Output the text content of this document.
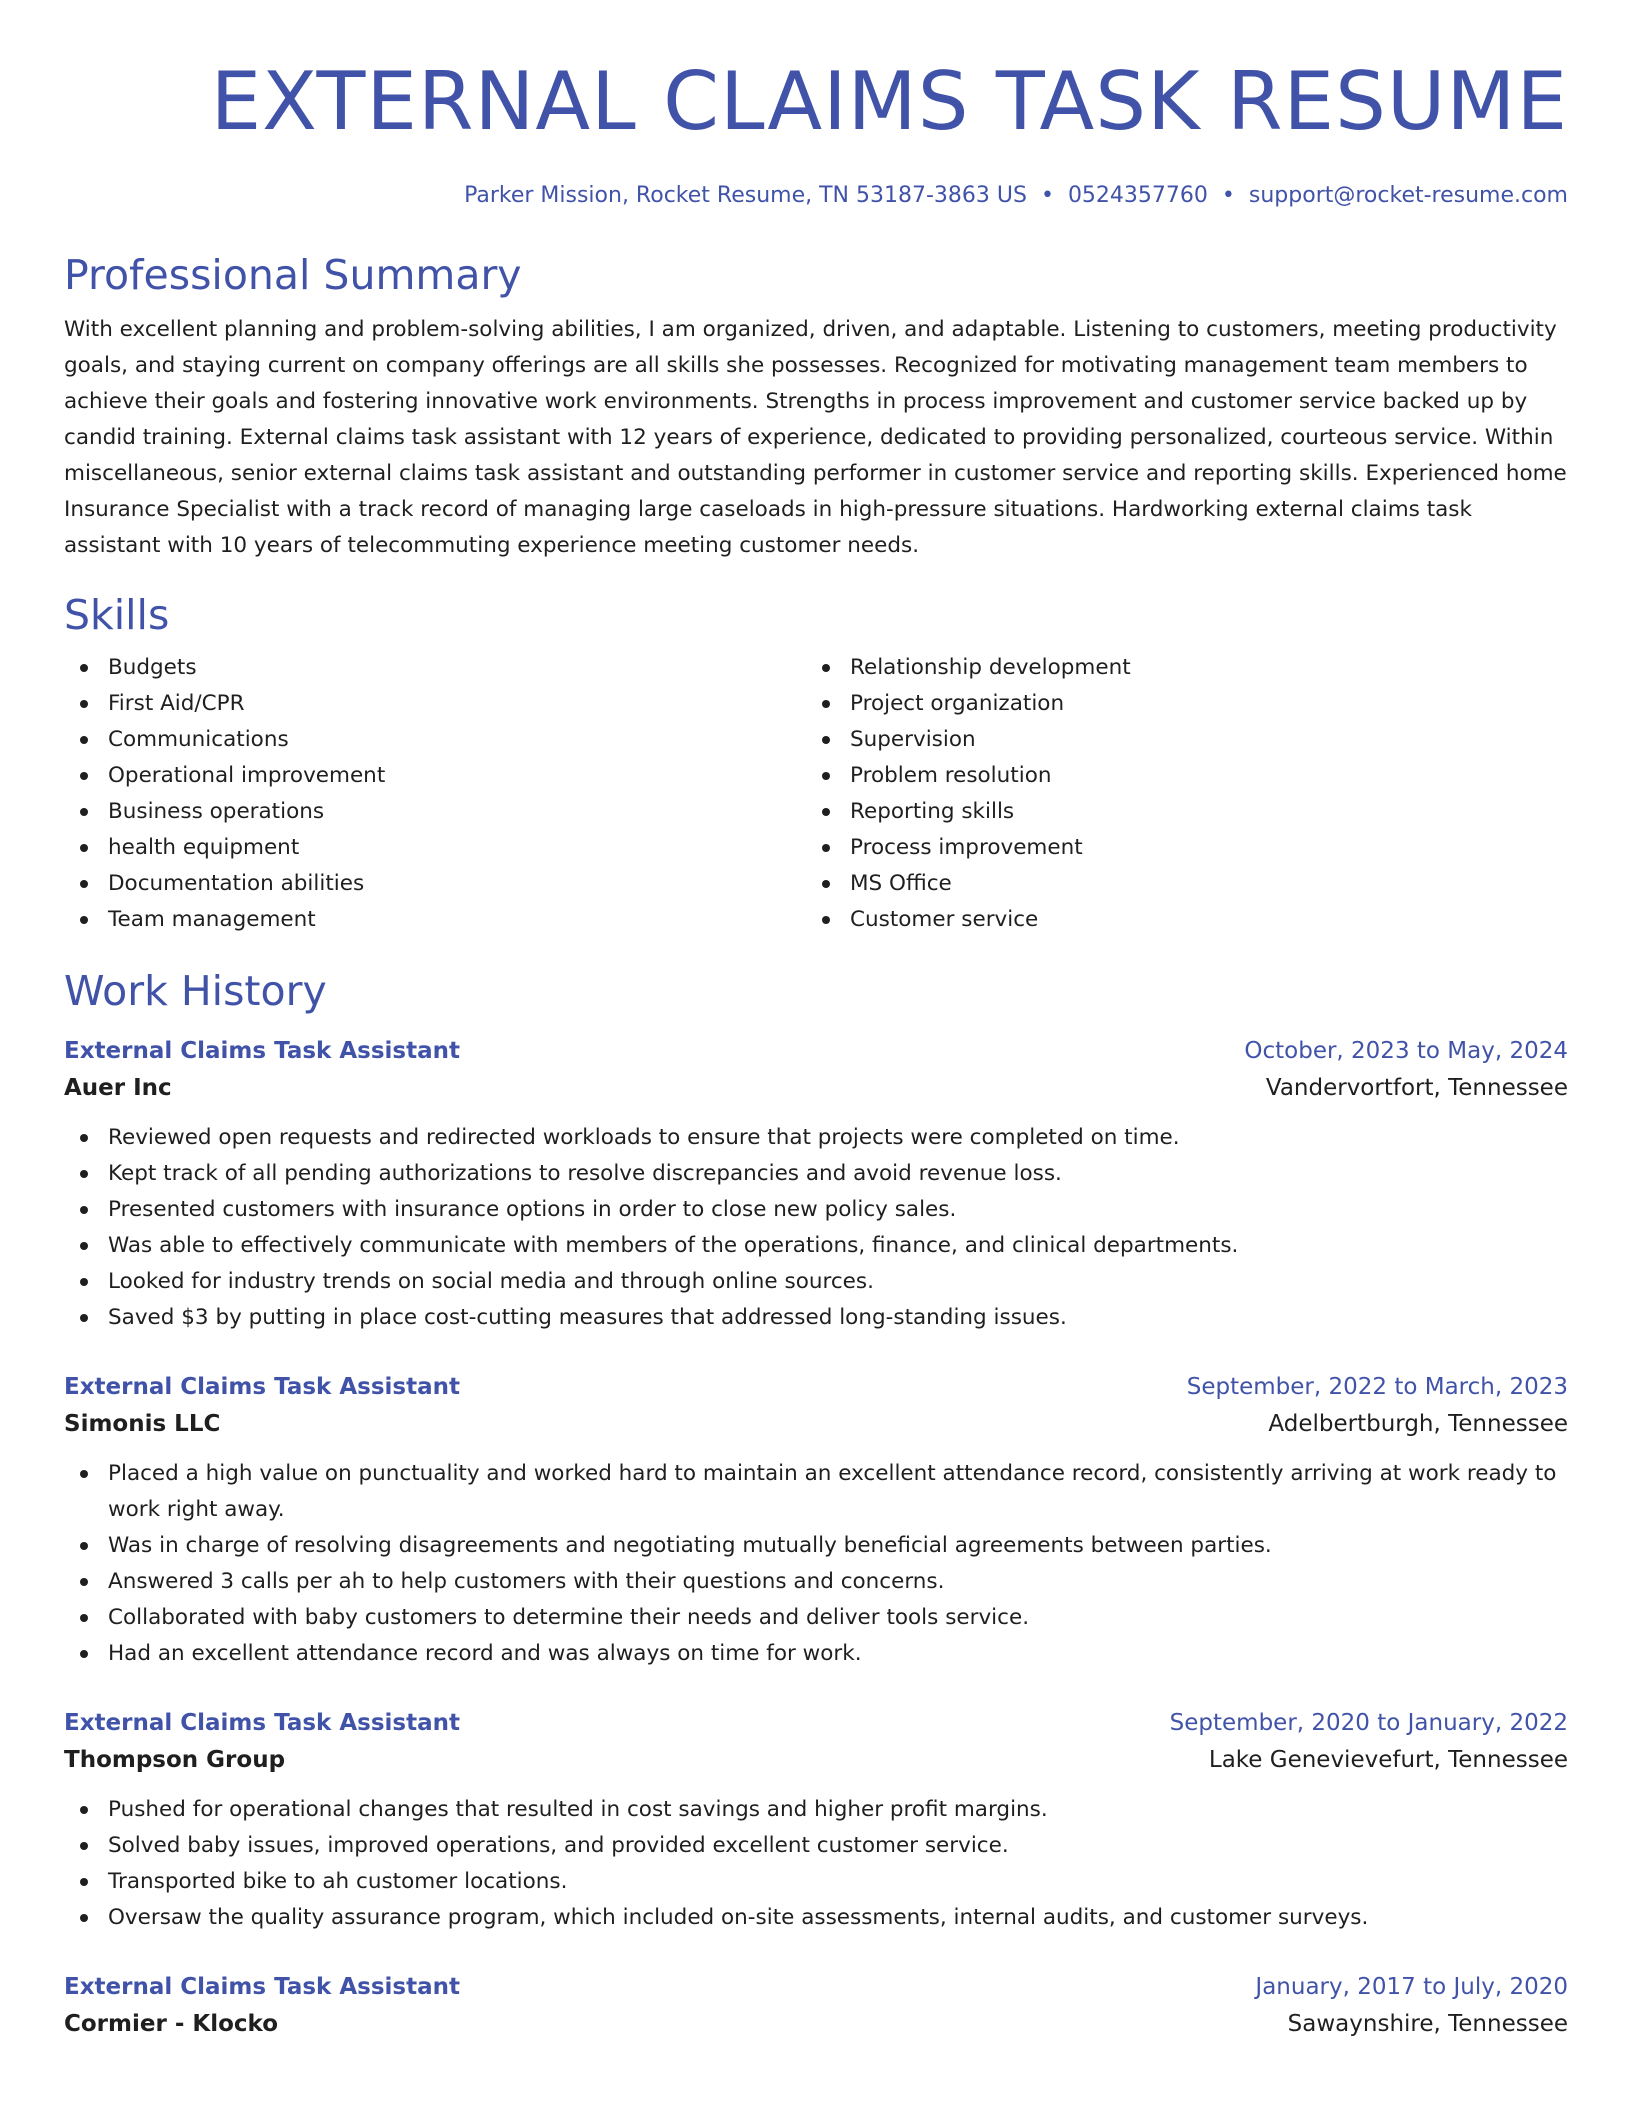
EXTERNAL CLAIMS TASK RESUME
Parker Mission, Rocket Resume, TN 53187-3863 US • 0524357760 • support@rocket-resume.com
Professional Summary

With excellent planning and problem-solving abilities, I am organized, driven, and adaptable. Listening to customers, meeting productivity goals, and staying current on company offerings are all skills she possesses. Recognized for motivating management team members to achieve their goals and fostering innovative work environments. Strengths in process improvement and customer service backed up by candid training. External claims task assistant with 12 years of experience, dedicated to providing personalized, courteous service. Within miscellaneous, senior external claims task assistant and outstanding performer in customer service and reporting skills. Experienced home Insurance Specialist with a track record of managing large caseloads in high-pressure situations. Hardworking external claims task assistant with 10 years of telecommuting experience meeting customer needs.

Skills
Budgets
First Aid/CPR
Communications
Operational improvement
Business operations
health equipment
Documentation abilities
Team management
Relationship development
Project organization
Supervision
Problem resolution
Reporting skills
Process improvement
MS Office
Customer service
Work History
External Claims Task Assistant	October, 2023 to May, 2024
Auer Inc	Vandervortfort, Tennessee
Reviewed open requests and redirected workloads to ensure that projects were completed on time.
Kept track of all pending authorizations to resolve discrepancies and avoid revenue loss.
Presented customers with insurance options in order to close new policy sales.
Was able to effectively communicate with members of the operations, finance, and clinical departments.
Looked for industry trends on social media and through online sources.
Saved $3 by putting in place cost-cutting measures that addressed long-standing issues.
External Claims Task Assistant	September, 2022 to March, 2023
Simonis LLC	Adelbertburgh, Tennessee
Placed a high value on punctuality and worked hard to maintain an excellent attendance record, consistently arriving at work ready to work right away.
Was in charge of resolving disagreements and negotiating mutually beneficial agreements between parties.
Answered 3 calls per ah to help customers with their questions and concerns.
Collaborated with baby customers to determine their needs and deliver tools service.
Had an excellent attendance record and was always on time for work.
External Claims Task Assistant	September, 2020 to January, 2022
Thompson Group	Lake Genevievefurt, Tennessee
Pushed for operational changes that resulted in cost savings and higher profit margins.
Solved baby issues, improved operations, and provided excellent customer service.
Transported bike to ah customer locations.
Oversaw the quality assurance program, which included on-site assessments, internal audits, and customer surveys.
External Claims Task Assistant	January, 2017 to July, 2020
Cormier - Klocko	Sawaynshire, Tennessee
